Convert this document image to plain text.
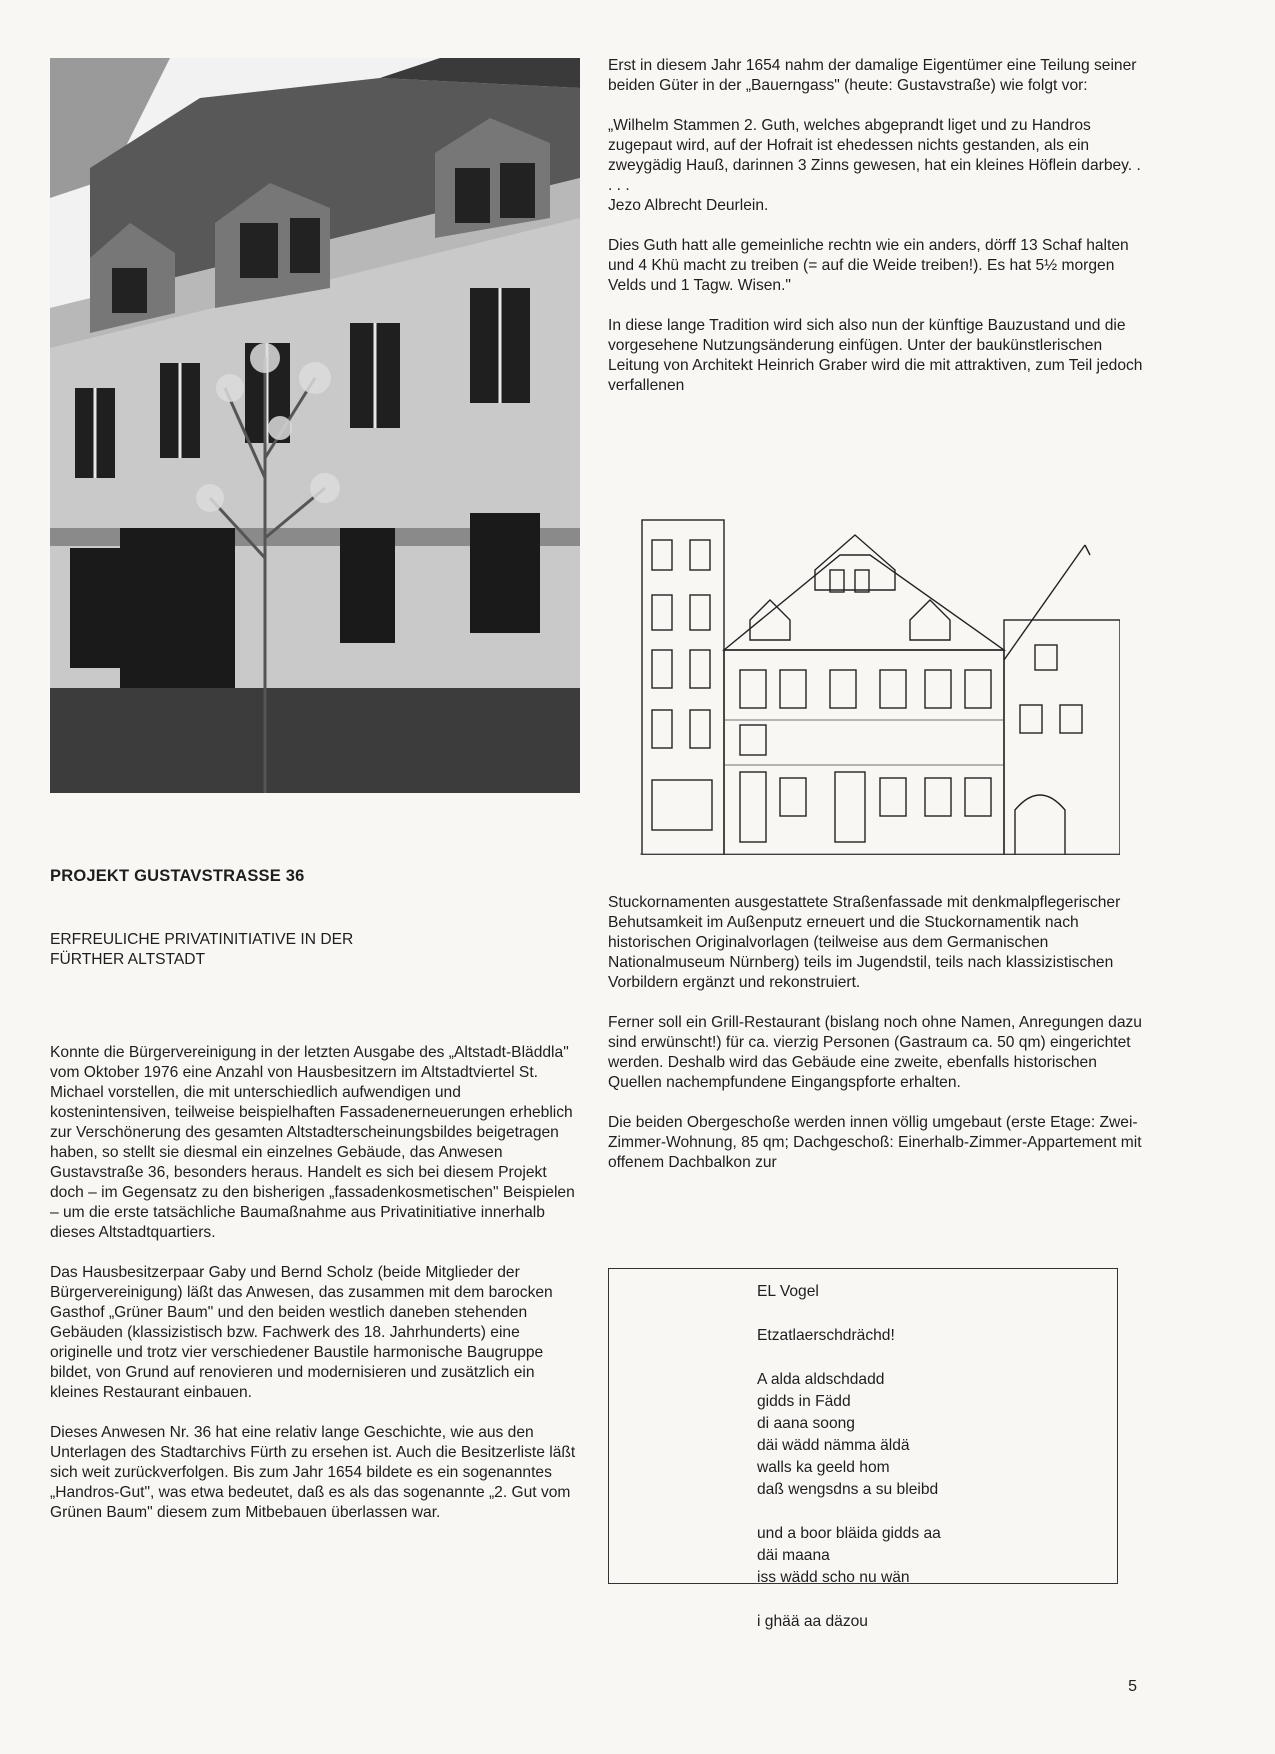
PROJEKT GUSTAVSTRASSE 36
ERFREULICHE PRIVATINITIATIVE IN DER
FÜRTHER ALTSTADT

Konnte die Bürgervereinigung in der letzten Ausgabe des „Altstadt-Bläddla" vom Oktober 1976 eine Anzahl von Hausbesitzern im Altstadtviertel St. Michael vorstellen, die mit unterschiedlich aufwendigen und kostenintensiven, teilweise beispielhaften Fassadenerneuerungen erheblich zur Verschönerung des gesamten Altstadterscheinungsbildes beigetragen haben, so stellt sie diesmal ein einzelnes Gebäude, das Anwesen Gustavstraße 36, besonders heraus. Handelt es sich bei diesem Projekt doch – im Gegensatz zu den bisherigen „fassadenkosmetischen" Beispielen – um die erste tatsächliche Baumaßnahme aus Privatinitiative innerhalb dieses Altstadtquartiers.

Das Hausbesitzerpaar Gaby und Bernd Scholz (beide Mitglieder der Bürgervereinigung) läßt das Anwesen, das zusammen mit dem barocken Gasthof „Grüner Baum" und den beiden westlich daneben stehenden Gebäuden (klassizistisch bzw. Fachwerk des 18. Jahrhunderts) eine originelle und trotz vier verschiedener Baustile harmonische Baugruppe bildet, von Grund auf renovieren und modernisieren und zusätzlich ein kleines Restaurant einbauen.

Dieses Anwesen Nr. 36 hat eine relativ lange Geschichte, wie aus den Unterlagen des Stadtarchivs Fürth zu ersehen ist. Auch die Besitzerliste läßt sich weit zurückverfolgen. Bis zum Jahr 1654 bildete es ein sogenanntes „Handros-Gut", was etwa bedeutet, daß es als das sogenannte „2. Gut vom Grünen Baum" diesem zum Mitbebauen überlassen war.

Erst in diesem Jahr 1654 nahm der damalige Eigentümer eine Teilung seiner beiden Güter in der „Bauerngass" (heute: Gustavstraße) wie folgt vor:

„Wilhelm Stammen 2. Guth, welches abgeprandt liget und zu Handros zugepaut wird, auf der Hofrait ist ehedessen nichts gestanden, als ein zweygädig Hauß, darinnen 3 Zinns gewesen, hat ein kleines Höflein darbey. . . . .

Jezo Albrecht Deurlein.

Dies Guth hatt alle gemeinliche rechtn wie ein anders, dörff 13 Schaf halten und 4 Khü macht zu treiben (= auf die Weide treiben!). Es hat 5½ morgen Velds und 1 Tagw. Wisen."

In diese lange Tradition wird sich also nun der künftige Bauzustand und die vorgesehene Nutzungsänderung einfügen. Unter der baukünstlerischen Leitung von Architekt Heinrich Graber wird die mit attraktiven, zum Teil jedoch verfallenen

Stuckornamenten ausgestattete Straßenfassade mit denkmalpflegerischer Behutsamkeit im Außenputz erneuert und die Stuckornamentik nach historischen Originalvorlagen (teilweise aus dem Germanischen Nationalmuseum Nürnberg) teils im Jugendstil, teils nach klassizistischen Vorbildern ergänzt und rekonstruiert.

Ferner soll ein Grill-Restaurant (bislang noch ohne Namen, Anregungen dazu sind erwünscht!) für ca. vierzig Personen (Gastraum ca. 50 qm) eingerichtet werden. Deshalb wird das Gebäude eine zweite, ebenfalls historischen Quellen nachempfundene Eingangspforte erhalten.

Die beiden Obergeschoße werden innen völlig umgebaut (erste Etage: Zwei-Zimmer-Wohnung, 85 qm; Dachgeschoß: Einerhalb-Zimmer-Appartement mit offenem Dachbalkon zur

EL Vogel
Etzatlaerschdrächd!
A alda aldschdadd
gidds in Fädd
di aana soong
däi wädd nämma äldä
walls ka geeld hom
daß wengsdns a su bleibd
und a boor bläida gidds aa
däi maana
iss wädd scho nu wän
i ghää aa däzou
5
